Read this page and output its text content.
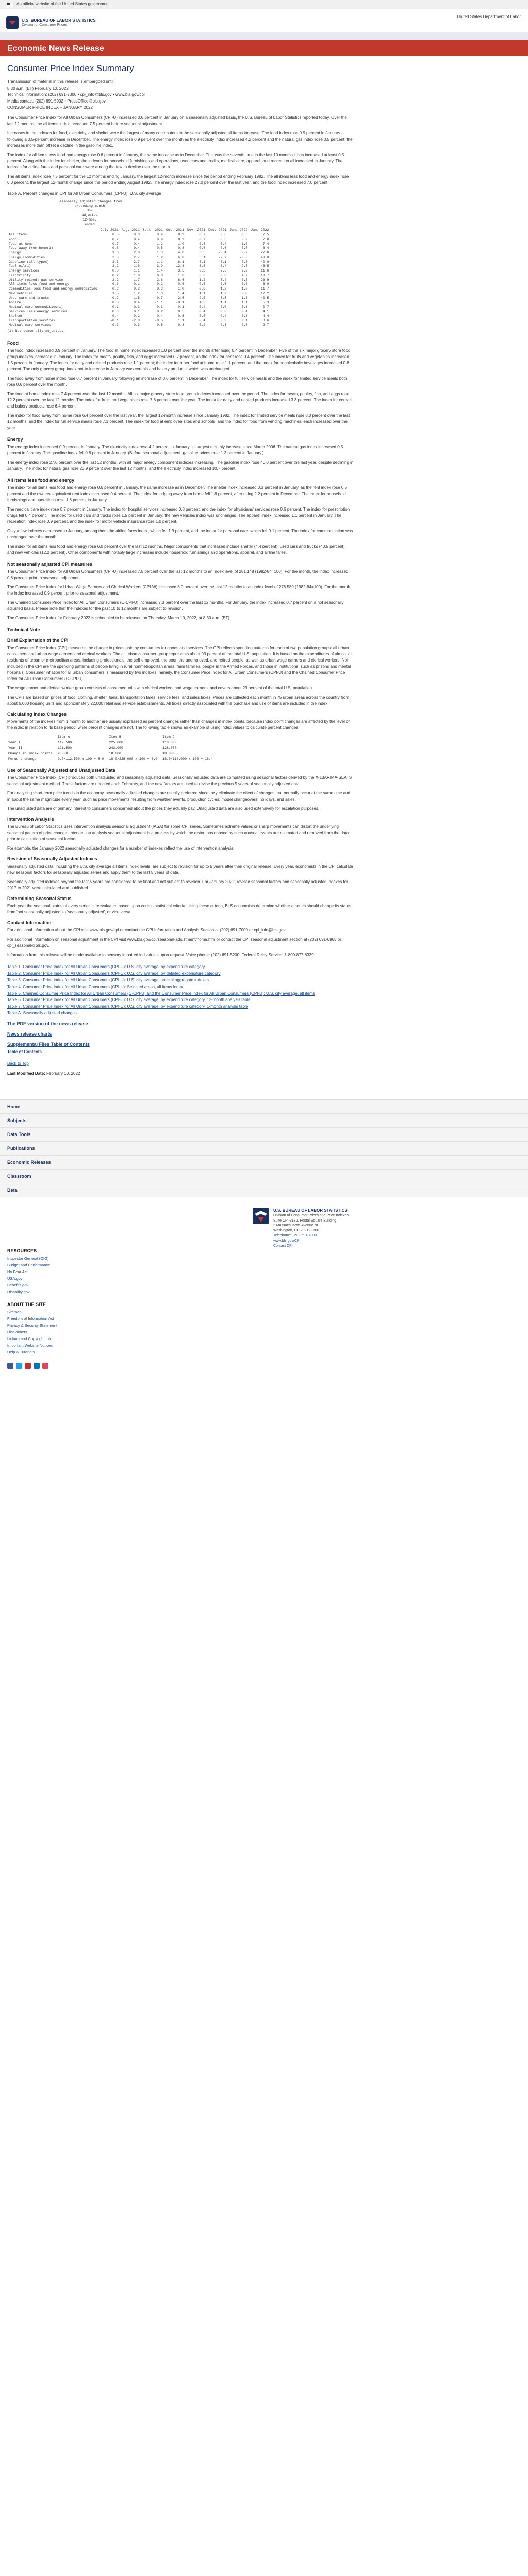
An official website of the United States government
U.S. BUREAU OF LABOR STATISTICS
Division of Consumer Prices
United States Department of Labor
Economic News Release
Consumer Price Index Summary
Transmission of material in this release is embargoed until
8:30 a.m. (ET) February 10, 2022
Technical information: (202) 691-7000 • cpi_info@bls.gov • www.bls.gov/cpi
Media contact: (202) 691-5902 • PressOffice@bls.gov
CONSUMER PRICE INDEX – JANUARY 2022

The Consumer Price Index for All Urban Consumers (CPI-U) increased 0.6 percent in January on a seasonally adjusted basis, the U.S. Bureau of Labor Statistics reported today. Over the last 12 months, the all items index increased 7.5 percent before seasonal adjustment.

Increases in the indexes for food, electricity, and shelter were the largest of many contributors to the seasonally adjusted all items increase. The food index rose 0.9 percent in January following a 0.5-percent increase in December. The energy index rose 0.9 percent over the month as the electricity index increased 4.2 percent and the natural gas index rose 0.5 percent; the increases more than offset a decline in the gasoline index.

The index for all items less food and energy rose 0.6 percent in January, the same increase as in December. This was the seventh time in the last 10 months it has increased at least 0.5 percent. Along with the index for shelter, the indexes for household furnishings and operations, used cars and trucks, medical care, apparel, and recreation all increased in January. The indexes for airline fares and personal care were among the few to decline over the month.

The all items index rose 7.5 percent for the 12 months ending January, the largest 12-month increase since the period ending February 1982. The all items less food and energy index rose 6.0 percent, the largest 12-month change since the period ending August 1982. The energy index rose 27.0 percent over the last year, and the food index increased 7.0 percent.

Table A. Percent changes in CPI for All Urban Consumers (CPI-U): U.S. city average
Seasonally adjusted changes from
preceding month
Un-
adjusted
12-mos.
ended
	July 2021	Aug. 2021	Sept. 2021	Oct. 2021	Nov. 2021	Dec. 2021	Jan. 2022	Jan. 2022
All items	0.5	0.3	0.4	0.9	0.7	0.6	0.6	7.5
Food	0.7	0.4	0.9	0.9	0.7	0.5	0.9	7.0
Food at home	0.7	0.4	1.2	1.0	0.8	0.4	1.0	7.4
Food away from home(1)	0.8	0.4	0.5	0.8	0.6	0.6	0.7	6.4
Energy	1.6	2.0	1.3	4.8	3.5	-0.4	0.9	27.0
Energy commodities	2.3	2.7	1.2	6.0	6.1	-2.9	-0.6	40.0
Gasoline (all types)	2.3	2.7	1.1	6.1	6.1	-3.1	-0.8	40.0
Fuel oil(1)	2.2	1.6	3.9	12.3	3.5	-6.4	9.5	46.5
Energy services	0.8	1.1	1.4	3.5	0.5	2.6	2.2	11.6
Electricity	0.2	1.0	0.8	1.8	0.3	0.3	4.2	10.7
Utility (piped) gas service	2.2	1.7	2.6	6.6	1.2	7.4	0.5	23.9
All items less food and energy	0.3	0.1	0.2	0.6	0.5	0.6	0.6	6.0
Commodities less food and energy commodities	0.2	0.3	0.2	1.0	0.9	1.2	1.0	11.7
New vehicles	1.5	1.2	1.3	1.4	1.1	1.2	0.0	12.2
Used cars and trucks	-0.2	-1.5	-0.7	2.5	2.5	3.5	1.5	40.5
Apparel	0.3	0.4	-1.1	-0.1	1.3	1.1	1.1	5.3
Medical care commodities(1)	0.1	-0.3	0.3	-0.1	0.4	0.0	0.3	0.7
Services less energy services	0.3	0.1	0.2	0.5	0.4	0.3	0.4	4.1
Shelter	0.4	0.2	0.4	0.5	0.5	0.4	0.3	4.4
Transportation services	-0.1	-2.0	-0.5	1.1	0.4	0.3	0.1	3.6
Medical care services	0.3	0.3	0.5	0.3	0.2	0.3	0.7	2.7
(1) Not seasonally adjusted.
Food

The food index increased 0.9 percent in January. The food at home index increased 1.0 percent over the month after rising 0.4 percent in December. Five of the six major grocery store food group indexes increased in January. The index for meats, poultry, fish, and eggs increased 0.7 percent, as the index for beef rose 0.4 percent. The index for fruits and vegetables increased 1.5 percent in January. The index for dairy and related products rose 1.1 percent; the index for other food at home rose 1.1 percent; and the index for nonalcoholic beverages increased 0.8 percent. The only grocery group index not to increase in January was cereals and bakery products, which was unchanged.

The food away from home index rose 0.7 percent in January following an increase of 0.6 percent in December. The index for full service meals and the index for limited service meals both rose 0.6 percent over the month.

The food at home index rose 7.4 percent over the last 12 months. All six major grocery store food group indexes increased over the period. The index for meats, poultry, fish, and eggs rose 12.2 percent over the last 12 months. The index for fruits and vegetables rose 7.6 percent over the year. The index for dairy and related products increased 3.3 percent. The index for cereals and bakery products rose 6.4 percent.

The index for food away from home rose 6.4 percent over the last year, the largest 12-month increase since January 1982. The index for limited service meals rose 8.0 percent over the last 12 months, and the index for full service meals rose 7.1 percent. The index for food at employee sites and schools, and the index for food from vending machines, each increased over the year.

Energy

The energy index increased 0.9 percent in January. The electricity index rose 4.2 percent in January, its largest monthly increase since March 2006. The natural gas index increased 0.5 percent in January. The gasoline index fell 0.8 percent in January. (Before seasonal adjustment, gasoline prices rose 1.3 percent in January.)

The energy index rose 27.0 percent over the last 12 months, with all major energy component indexes increasing. The gasoline index rose 40.0 percent over the last year, despite declining in January. The index for natural gas rose 23.9 percent over the last 12 months, and the electricity index increased 10.7 percent.

All items less food and energy

The index for all items less food and energy rose 0.6 percent in January, the same increase as in December. The shelter index increased 0.3 percent in January, as the rent index rose 0.5 percent and the owners' equivalent rent index increased 0.4 percent. The index for lodging away from home fell 1.8 percent, after rising 2.2 percent in December. The index for household furnishings and operations rose 1.6 percent in January.

The medical care index rose 0.7 percent in January. The index for hospital services increased 0.8 percent, and the index for physicians' services rose 0.6 percent. The index for prescription drugs fell 0.4 percent. The index for used cars and trucks rose 1.5 percent in January; the new vehicles index was unchanged. The apparel index increased 1.1 percent in January. The recreation index rose 0.9 percent, and the index for motor vehicle insurance rose 1.0 percent.

Only a few indexes decreased in January, among them the airline fares index, which fell 1.9 percent, and the index for personal care, which fell 0.1 percent. The index for communication was unchanged over the month.

The index for all items less food and energy rose 6.0 percent over the last 12 months. Major components that increased include shelter (4.4 percent), used cars and trucks (40.5 percent), and new vehicles (12.2 percent). Other components with notably large increases include household furnishings and operations, apparel, and airline fares.

Not seasonally adjusted CPI measures

The Consumer Price Index for All Urban Consumers (CPI-U) increased 7.5 percent over the last 12 months to an index level of 281.148 (1982-84=100). For the month, the index increased 0.8 percent prior to seasonal adjustment.

The Consumer Price Index for Urban Wage Earners and Clerical Workers (CPI-W) increased 8.0 percent over the last 12 months to an index level of 276.589 (1982-84=100). For the month, the index increased 0.9 percent prior to seasonal adjustment.

The Chained Consumer Price Index for All Urban Consumers (C-CPI-U) increased 7.3 percent over the last 12 months. For January, the index increased 0.7 percent on a not seasonally adjusted basis. Please note that the indexes for the past 10 to 12 months are subject to revision.

The Consumer Price Index for February 2022 is scheduled to be released on Thursday, March 10, 2022, at 8:30 a.m. (ET).

Technical Note
Brief Explanation of the CPI

The Consumer Price Index (CPI) measures the change in prices paid by consumers for goods and services. The CPI reflects spending patterns for each of two population groups: all urban consumers and urban wage earners and clerical workers. The all urban consumer group represents about 93 percent of the total U.S. population. It is based on the expenditures of almost all residents of urban or metropolitan areas, including professionals, the self-employed, the poor, the unemployed, and retired people, as well as urban wage earners and clerical workers. Not included in the CPI are the spending patterns of people living in rural nonmetropolitan areas, farm families, people in the Armed Forces, and those in institutions, such as prisons and mental hospitals. Consumer inflation for all urban consumers is measured by two indexes, namely, the Consumer Price Index for All Urban Consumers (CPI-U) and the Chained Consumer Price Index for All Urban Consumers (C-CPI-U).

The wage earner and clerical worker group consists of consumer units with clerical workers and wage earners, and covers about 29 percent of the total U.S. population.

The CPIs are based on prices of food, clothing, shelter, fuels, transportation fares, service fees, and sales taxes. Prices are collected each month in 75 urban areas across the country from about 6,000 housing units and approximately 22,000 retail and service establishments. All taxes directly associated with the purchase and use of items are included in the index.

Calculating Index Changes

Movements of the indexes from 1 month to another are usually expressed as percent changes rather than changes in index points, because index point changes are affected by the level of the index in relation to its base period, while percent changes are not. The following table shows an example of using index values to calculate percent changes:

	Item A	Item B	Item C
Year I	112.500	225.000	110.000
Year II	121.500	243.000	128.000
Change in index points	9.000	18.000	18.000
Percent change	9.0/112.500 x 100 = 8.0	18.0/225.000 x 100 = 8.0	18.0/110.000 x 100 = 16.4
Use of Seasonally Adjusted and Unadjusted Data

The Consumer Price Index (CPI) produces both unadjusted and seasonally adjusted data. Seasonally adjusted data are computed using seasonal factors derived by the X-13ARIMA-SEATS seasonal adjustment method. These factors are updated each February, and the new factors are used to revise the previous 5 years of seasonally adjusted data.

For analyzing short-term price trends in the economy, seasonally adjusted changes are usually preferred since they eliminate the effect of changes that normally occur at the same time and in about the same magnitude every year, such as price movements resulting from weather events, production cycles, model changeovers, holidays, and sales.

The unadjusted data are of primary interest to consumers concerned about the prices they actually pay. Unadjusted data are also used extensively for escalation purposes.

Intervention Analysis

The Bureau of Labor Statistics uses intervention analysis seasonal adjustment (IASA) for some CPI series. Sometimes extreme values or sharp movements can distort the underlying seasonal pattern of price change. Intervention analysis seasonal adjustment is a process by which the distortions caused by such unusual events are estimated and removed from the data prior to calculation of seasonal factors.

For example, the January 2022 seasonally adjusted changes for a number of indexes reflect the use of intervention analysis.

Revision of Seasonally Adjusted Indexes

Seasonally adjusted data, including the U.S. city average all items index levels, are subject to revision for up to 5 years after their original release. Every year, economists in the CPI calculate new seasonal factors for seasonally adjusted series and apply them to the last 5 years of data.

Seasonally adjusted indexes beyond the last 5 years are considered to be final and not subject to revision. For January 2022, revised seasonal factors and seasonally adjusted indexes for 2017 to 2021 were calculated and published.

Determining Seasonal Status

Each year the seasonal status of every series is reevaluated based upon certain statistical criteria. Using these criteria, BLS economists determine whether a series should change its status from 'not seasonally adjusted' to 'seasonally adjusted', or vice versa.

Contact Information

For additional information about the CPI visit www.bls.gov/cpi or contact the CPI Information and Analysis Section at (202) 691-7000 or cpi_info@bls.gov.

For additional information on seasonal adjustment in the CPI visit www.bls.gov/cpi/seasonal-adjustment/home.htm or contact the CPI seasonal adjustment section at (202) 691-6968 or cpi_seasonal@bls.gov.

Information from this release will be made available to sensory impaired individuals upon request. Voice phone: (202) 691-5200; Federal Relay Service: 1-800-877-8339.

Table 1. Consumer Price Index for All Urban Consumers (CPI-U): U.S. city average, by expenditure category
Table 2. Consumer Price Index for All Urban Consumers (CPI-U): U.S. city average, by detailed expenditure category
Table 3. Consumer Price Index for All Urban Consumers (CPI-U): U.S. city average, special aggregate indexes
Table 4. Consumer Price Index for All Urban Consumers (CPI-U): Selected areas, all items index
Table 5. Chained Consumer Price Index for All Urban Consumers (C-CPI-U) and the Consumer Price Index for All Urban Consumers (CPI-U): U.S. city average, all items
Table 6. Consumer Price Index for All Urban Consumers (CPI-U): U.S. city average, by expenditure category, 12-month analysis table
Table 7. Consumer Price Index for All Urban Consumers (CPI-U): U.S. city average, by expenditure category, 1-month analysis table
Table A. Seasonally adjusted changes
The PDF version of the news release
News release charts
Supplemental Files Table of Contents
Table of Contents
Back to Top
Last Modified Date: February 10, 2022
Home
Subjects
Data Tools
Publications
Economic Releases
Classroom
Beta
U.S. BUREAU OF LABOR STATISTICS
Division of Consumer Prices and Price Indexes
Suite CPI-3130, Postal Square Building
2 Massachusetts Avenue NE
Washington, DC 20212-0001
Telephone:1-202-691-7000
www.bls.gov/CPI
Contact CPI
RESOURCES
Inspector General (OIG)
Budget and Performance
No Fear Act
USA.gov
Benefits.gov
Disability.gov
ABOUT THE SITE
Sitemap
Freedom of Information Act
Privacy & Security Statement
Disclaimers
Linking and Copyright Info
Important Website Notices
Help & Tutorials
